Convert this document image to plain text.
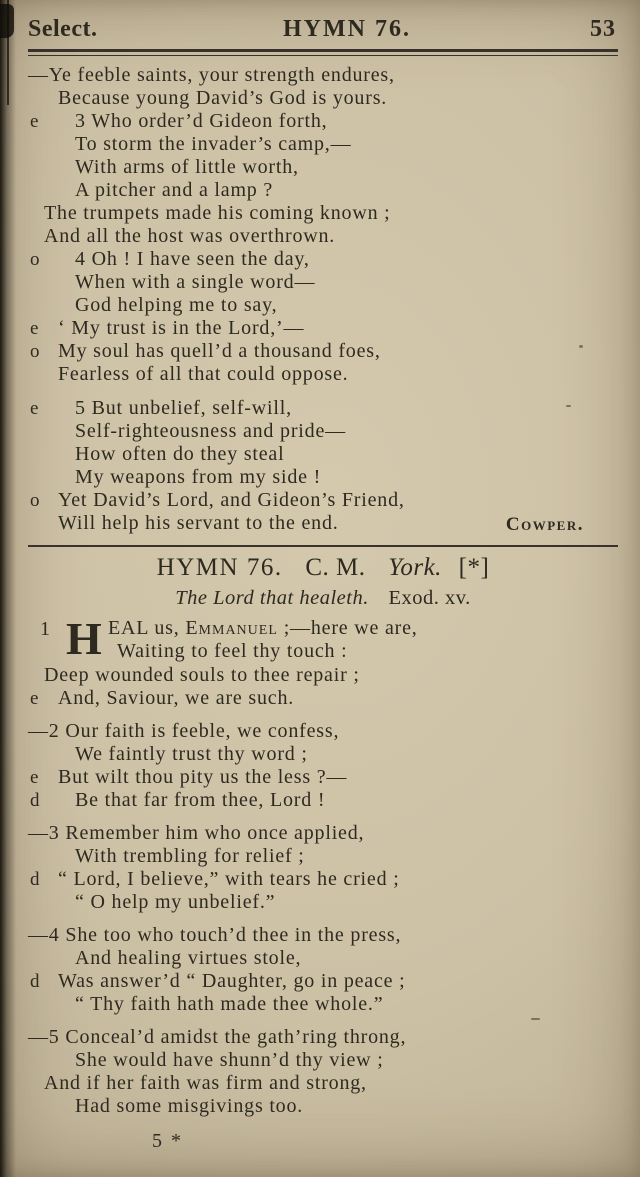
Select.	HYMN 76.	53
—Ye feeble saints, your strength endures,
Because young David’s God is yours.
e 3 Who order’d Gideon forth,
To storm the invader’s camp,—
With arms of little worth,
A pitcher and a lamp ?
The trumpets made his coming known ;
And all the host was overthrown.
o 4 Oh ! I have seen the day,
When with a single word—
God helping me to say,
e ‘ My trust is in the Lord,’—
o My soul has quell’d a thousand foes,
Fearless of all that could oppose.
e 5 But unbelief, self-will,
Self-righteousness and pride—
How often do they steal
My weapons from my side !
o Yet David’s Lord, and Gideon’s Friend,
Will help his servant to the end.	Cowper.
HYMN 76. C. M. York. [*]
The Lord that healeth. Exod. xv.
1 H EAL us, Emmanuel ;—here we are,
Waiting to feel thy touch :
Deep wounded souls to thee repair ;
e And, Saviour, we are such.
—2 Our faith is feeble, we confess,
We faintly trust thy word ;
e But wilt thou pity us the less ?—
d Be that far from thee, Lord !
—3 Remember him who once applied,
With trembling for relief ;
d “ Lord, I believe,” with tears he cried ;
“ O help my unbelief.”
—4 She too who touch’d thee in the press,
And healing virtues stole,
d Was answer’d “ Daughter, go in peace ;
“ Thy faith hath made thee whole.”
—5 Conceal’d amidst the gath’ring throng,
She would have shunn’d thy view ;
And if her faith was firm and strong,
Had some misgivings too.
5 *
